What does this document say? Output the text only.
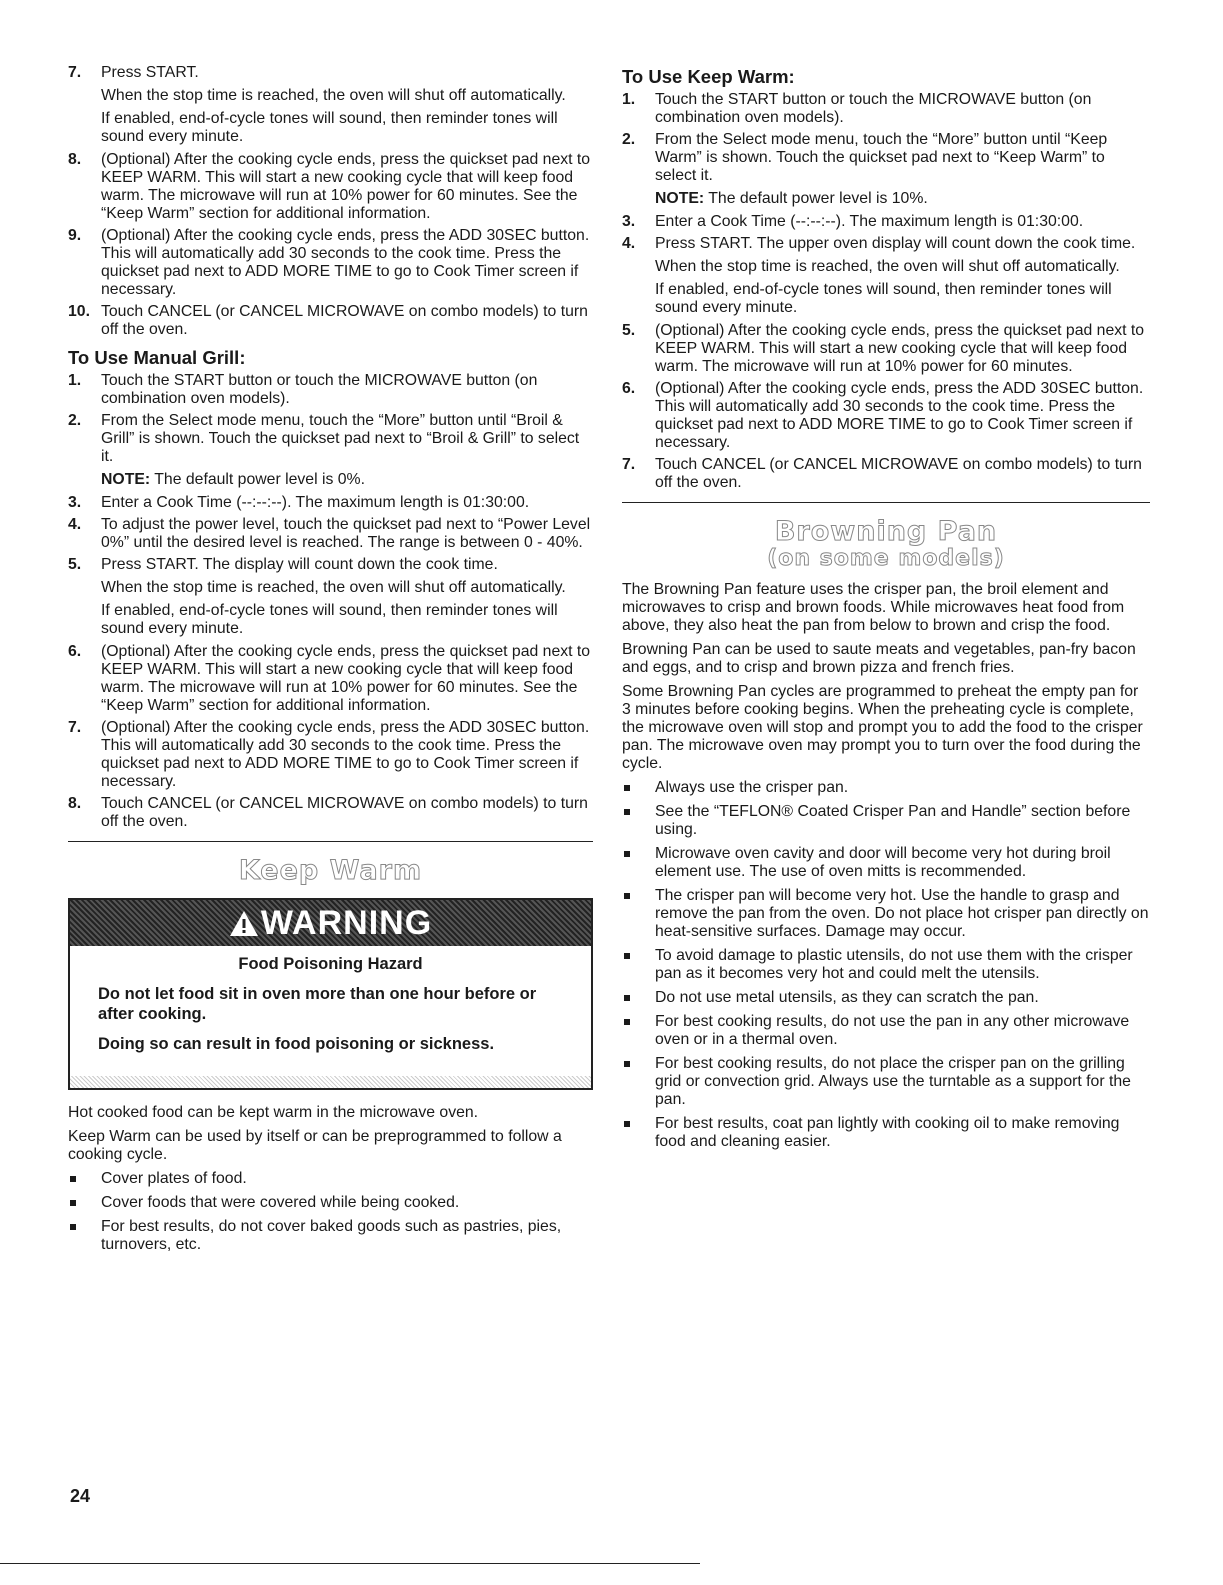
7. Press START.
When the stop time is reached, the oven will shut off automatically.
If enabled, end-of-cycle tones will sound, then reminder tones will sound every minute.
8. (Optional) After the cooking cycle ends, press the quickset pad next to KEEP WARM. This will start a new cooking cycle that will keep food warm. The microwave will run at 10% power for 60 minutes. See the “Keep Warm” section for additional information.
9. (Optional) After the cooking cycle ends, press the ADD 30SEC button. This will automatically add 30 seconds to the cook time. Press the quickset pad next to ADD MORE TIME to go to Cook Timer screen if necessary.
10. Touch CANCEL (or CANCEL MICROWAVE on combo models) to turn off the oven.
To Use Manual Grill:
1. Touch the START button or touch the MICROWAVE button (on combination oven models).
2. From the Select mode menu, touch the “More” button until “Broil & Grill” is shown. Touch the quickset pad next to “Broil & Grill” to select it.
NOTE: The default power level is 0%.
3. Enter a Cook Time (--:--:--). The maximum length is 01:30:00.
4. To adjust the power level, touch the quickset pad next to “Power Level 0%” until the desired level is reached. The range is between 0 - 40%.
5. Press START. The display will count down the cook time.
When the stop time is reached, the oven will shut off automatically.
If enabled, end-of-cycle tones will sound, then reminder tones will sound every minute.
6. (Optional) After the cooking cycle ends, press the quickset pad next to KEEP WARM. This will start a new cooking cycle that will keep food warm. The microwave will run at 10% power for 60 minutes. See the “Keep Warm” section for additional information.
7. (Optional) After the cooking cycle ends, press the ADD 30SEC button. This will automatically add 30 seconds to the cook time. Press the quickset pad next to ADD MORE TIME to go to Cook Timer screen if necessary.
8. Touch CANCEL (or CANCEL MICROWAVE on combo models) to turn off the oven.
Keep Warm
WARNING
Food Poisoning Hazard

Do not let food sit in oven more than one hour before or after cooking.

Doing so can result in food poisoning or sickness.

Hot cooked food can be kept warm in the microwave oven.

Keep Warm can be used by itself or can be preprogrammed to follow a cooking cycle.

Cover plates of food.
Cover foods that were covered while being cooked.
For best results, do not cover baked goods such as pastries, pies, turnovers, etc.
To Use Keep Warm:
1. Touch the START button or touch the MICROWAVE button (on combination oven models).
2. From the Select mode menu, touch the “More” button until “Keep Warm” is shown. Touch the quickset pad next to “Keep Warm” to select it.
NOTE: The default power level is 10%.
3. Enter a Cook Time (--:--:--). The maximum length is 01:30:00.
4. Press START. The upper oven display will count down the cook time.
When the stop time is reached, the oven will shut off automatically.
If enabled, end-of-cycle tones will sound, then reminder tones will sound every minute.
5. (Optional) After the cooking cycle ends, press the quickset pad next to KEEP WARM. This will start a new cooking cycle that will keep food warm. The microwave will run at 10% power for 60 minutes.
6. (Optional) After the cooking cycle ends, press the ADD 30SEC button. This will automatically add 30 seconds to the cook time. Press the quickset pad next to ADD MORE TIME to go to Cook Timer screen if necessary.
7. Touch CANCEL (or CANCEL MICROWAVE on combo models) to turn off the oven.
Browning Pan
(on some models)

The Browning Pan feature uses the crisper pan, the broil element and microwaves to crisp and brown foods. While microwaves heat food from above, they also heat the pan from below to brown and crisp the food.

Browning Pan can be used to saute meats and vegetables, pan-fry bacon and eggs, and to crisp and brown pizza and french fries.

Some Browning Pan cycles are programmed to preheat the empty pan for 3 minutes before cooking begins. When the preheating cycle is complete, the microwave oven will stop and prompt you to add the food to the crisper pan. The microwave oven may prompt you to turn over the food during the cycle.

Always use the crisper pan.
See the “TEFLON® Coated Crisper Pan and Handle” section before using.
Microwave oven cavity and door will become very hot during broil element use. The use of oven mitts is recommended.
The crisper pan will become very hot. Use the handle to grasp and remove the pan from the oven. Do not place hot crisper pan directly on heat-sensitive surfaces. Damage may occur.
To avoid damage to plastic utensils, do not use them with the crisper pan as it becomes very hot and could melt the utensils.
Do not use metal utensils, as they can scratch the pan.
For best cooking results, do not use the pan in any other microwave oven or in a thermal oven.
For best cooking results, do not place the crisper pan on the grilling grid or convection grid. Always use the turntable as a support for the pan.
For best results, coat pan lightly with cooking oil to make removing food and cleaning easier.
24
